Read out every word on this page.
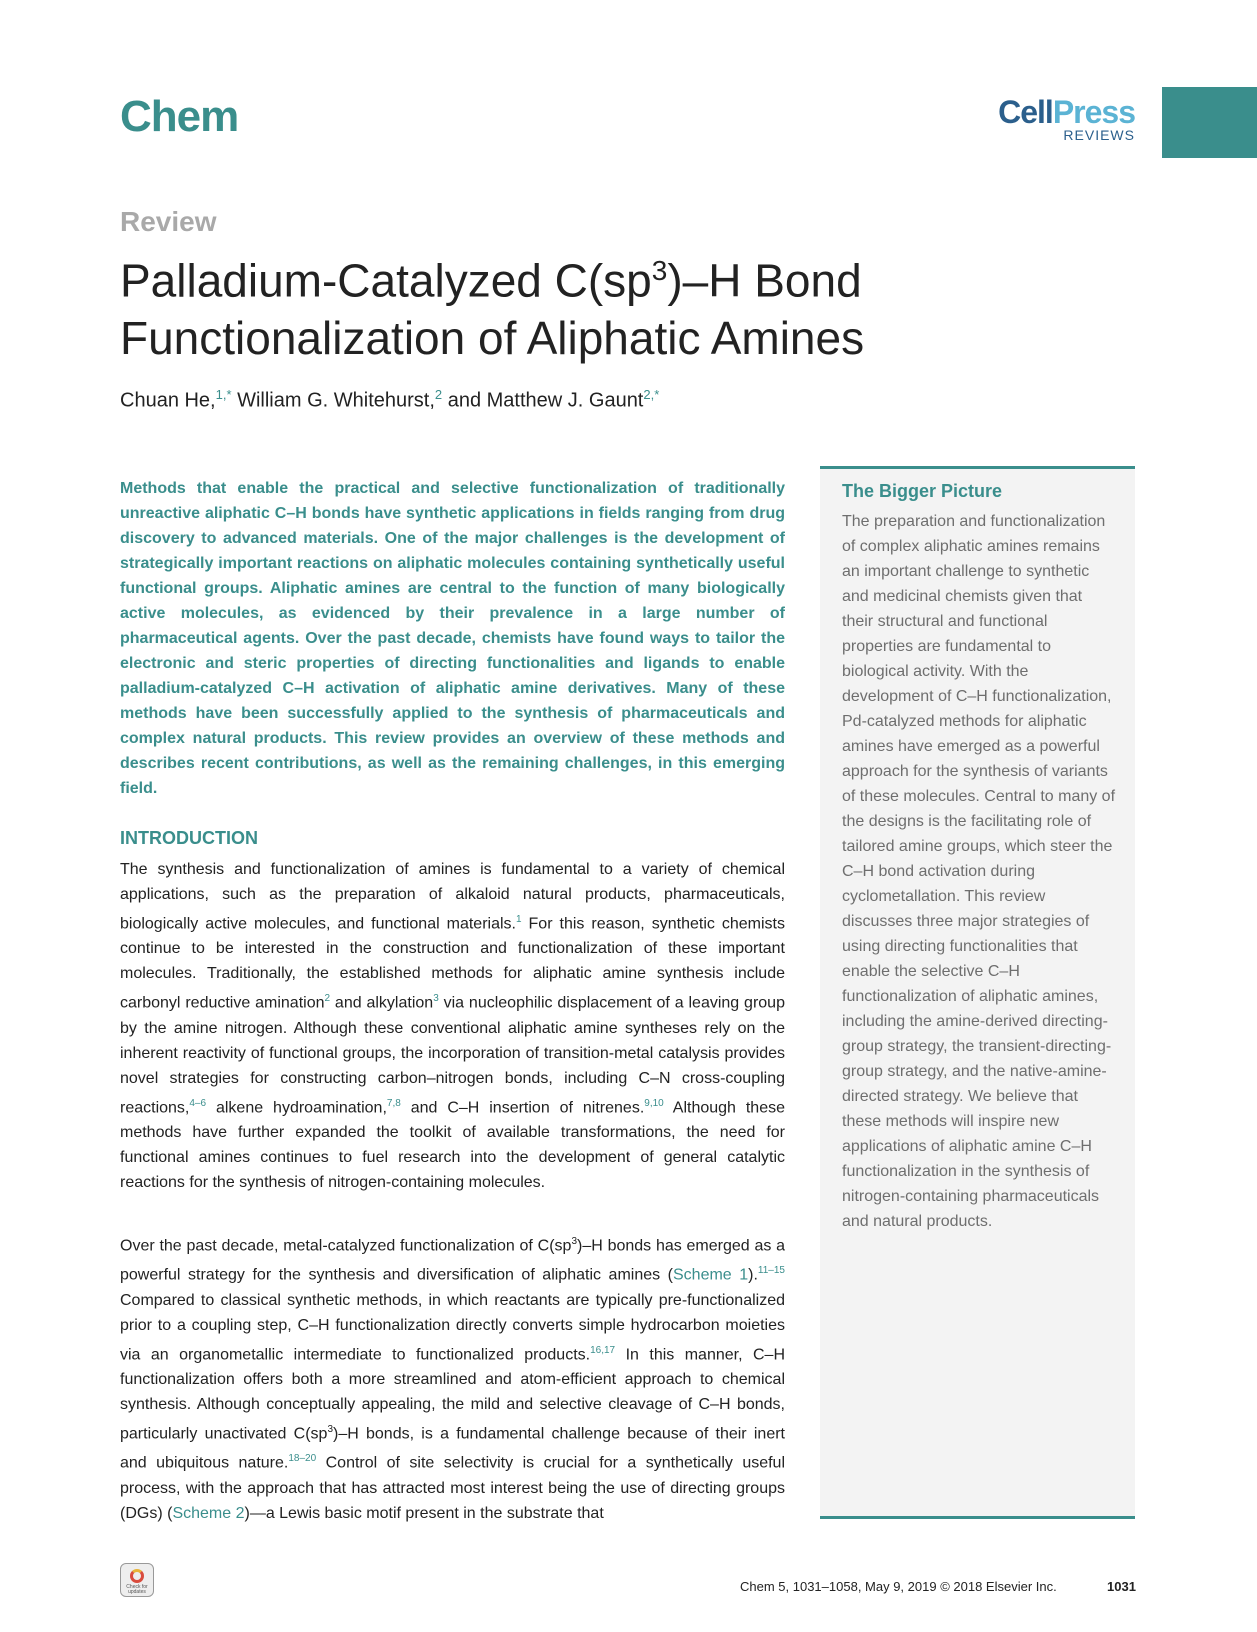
Chem	CellPress
REVIEWS
Review
Palladium-Catalyzed $C(sp^3)-H$ Bond Functionalization of Aliphatic Amines
Chuan He,$^{1,*}$ William G. Whitehurst,$^2$ and Matthew J. Gaunt$^{2,*}$
Methods that enable the practical and selective functionalization of traditionally unreactive aliphatic C–H bonds have synthetic applications in fields ranging from drug discovery to advanced materials. One of the major challenges is the development of strategically important reactions on aliphatic molecules containing synthetically useful functional groups. Aliphatic amines are central to the function of many biologically active molecules, as evidenced by their prevalence in a large number of pharmaceutical agents. Over the past decade, chemists have found ways to tailor the electronic and steric properties of directing functionalities and ligands to enable palladium-catalyzed C–H activation of aliphatic amine derivatives. Many of these methods have been successfully applied to the synthesis of pharmaceuticals and complex natural products. This review provides an overview of these methods and describes recent contributions, as well as the remaining challenges, in this emerging field.
INTRODUCTION
The synthesis and functionalization of amines is fundamental to a variety of chemical applications, such as the preparation of alkaloid natural products, pharmaceuticals, biologically active molecules, and functional materials.$^1$ For this reason, synthetic chemists continue to be interested in the construction and functionalization of these important molecules. Traditionally, the established methods for aliphatic amine synthesis include carbonyl reductive amination$^2$ and alkylation$^3$ via nucleophilic displacement of a leaving group by the amine nitrogen. Although these conventional aliphatic amine syntheses rely on the inherent reactivity of functional groups, the incorporation of transition-metal catalysis provides novel strategies for constructing carbon–nitrogen bonds, including C–N cross-coupling reactions,$^{4-6}$ alkene hydroamination,$^{7,8}$ and C–H insertion of nitrenes.$^{9,10}$ Although these methods have further expanded the toolkit of available transformations, the need for functional amines continues to fuel research into the development of general catalytic reactions for the synthesis of nitrogen-containing molecules.
Over the past decade, metal-catalyzed functionalization of $C(sp^3)-H$ bonds has emerged as a powerful strategy for the synthesis and diversification of aliphatic amines (Scheme 1).$^{11-15}$ Compared to classical synthetic methods, in which reactants are typically pre-functionalized prior to a coupling step, C–H functionalization directly converts simple hydrocarbon moieties via an organometallic intermediate to functionalized products.$^{16,17}$ In this manner, C–H functionalization offers both a more streamlined and atom-efficient approach to chemical synthesis. Although conceptually appealing, the mild and selective cleavage of C–H bonds, particularly unactivated $C(sp^3)-H$ bonds, is a fundamental challenge because of their inert and ubiquitous nature.$^{18-20}$ Control of site selectivity is crucial for a synthetically useful process, with the approach that has attracted most interest being the use of directing groups (DGs) (Scheme 2)—a Lewis basic motif present in the substrate that
The Bigger Picture
The preparation and functionalization of complex aliphatic amines remains an important challenge to synthetic and medicinal chemists given that their structural and functional properties are fundamental to biological activity. With the development of C–H functionalization, Pd-catalyzed methods for aliphatic amines have emerged as a powerful approach for the synthesis of variants of these molecules. Central to many of the designs is the facilitating role of tailored amine groups, which steer the C–H bond activation during cyclometallation. This review discusses three major strategies of using directing functionalities that enable the selective C–H functionalization of aliphatic amines, including the amine-derived directing-group strategy, the transient-directing-group strategy, and the native-amine-directed strategy. We believe that these methods will inspire new applications of aliphatic amine C–H functionalization in the synthesis of nitrogen-containing pharmaceuticals and natural products.
Check for updates	Chem 5, 1031–1058, May 9, 2019 © 2018 Elsevier Inc.	1031
